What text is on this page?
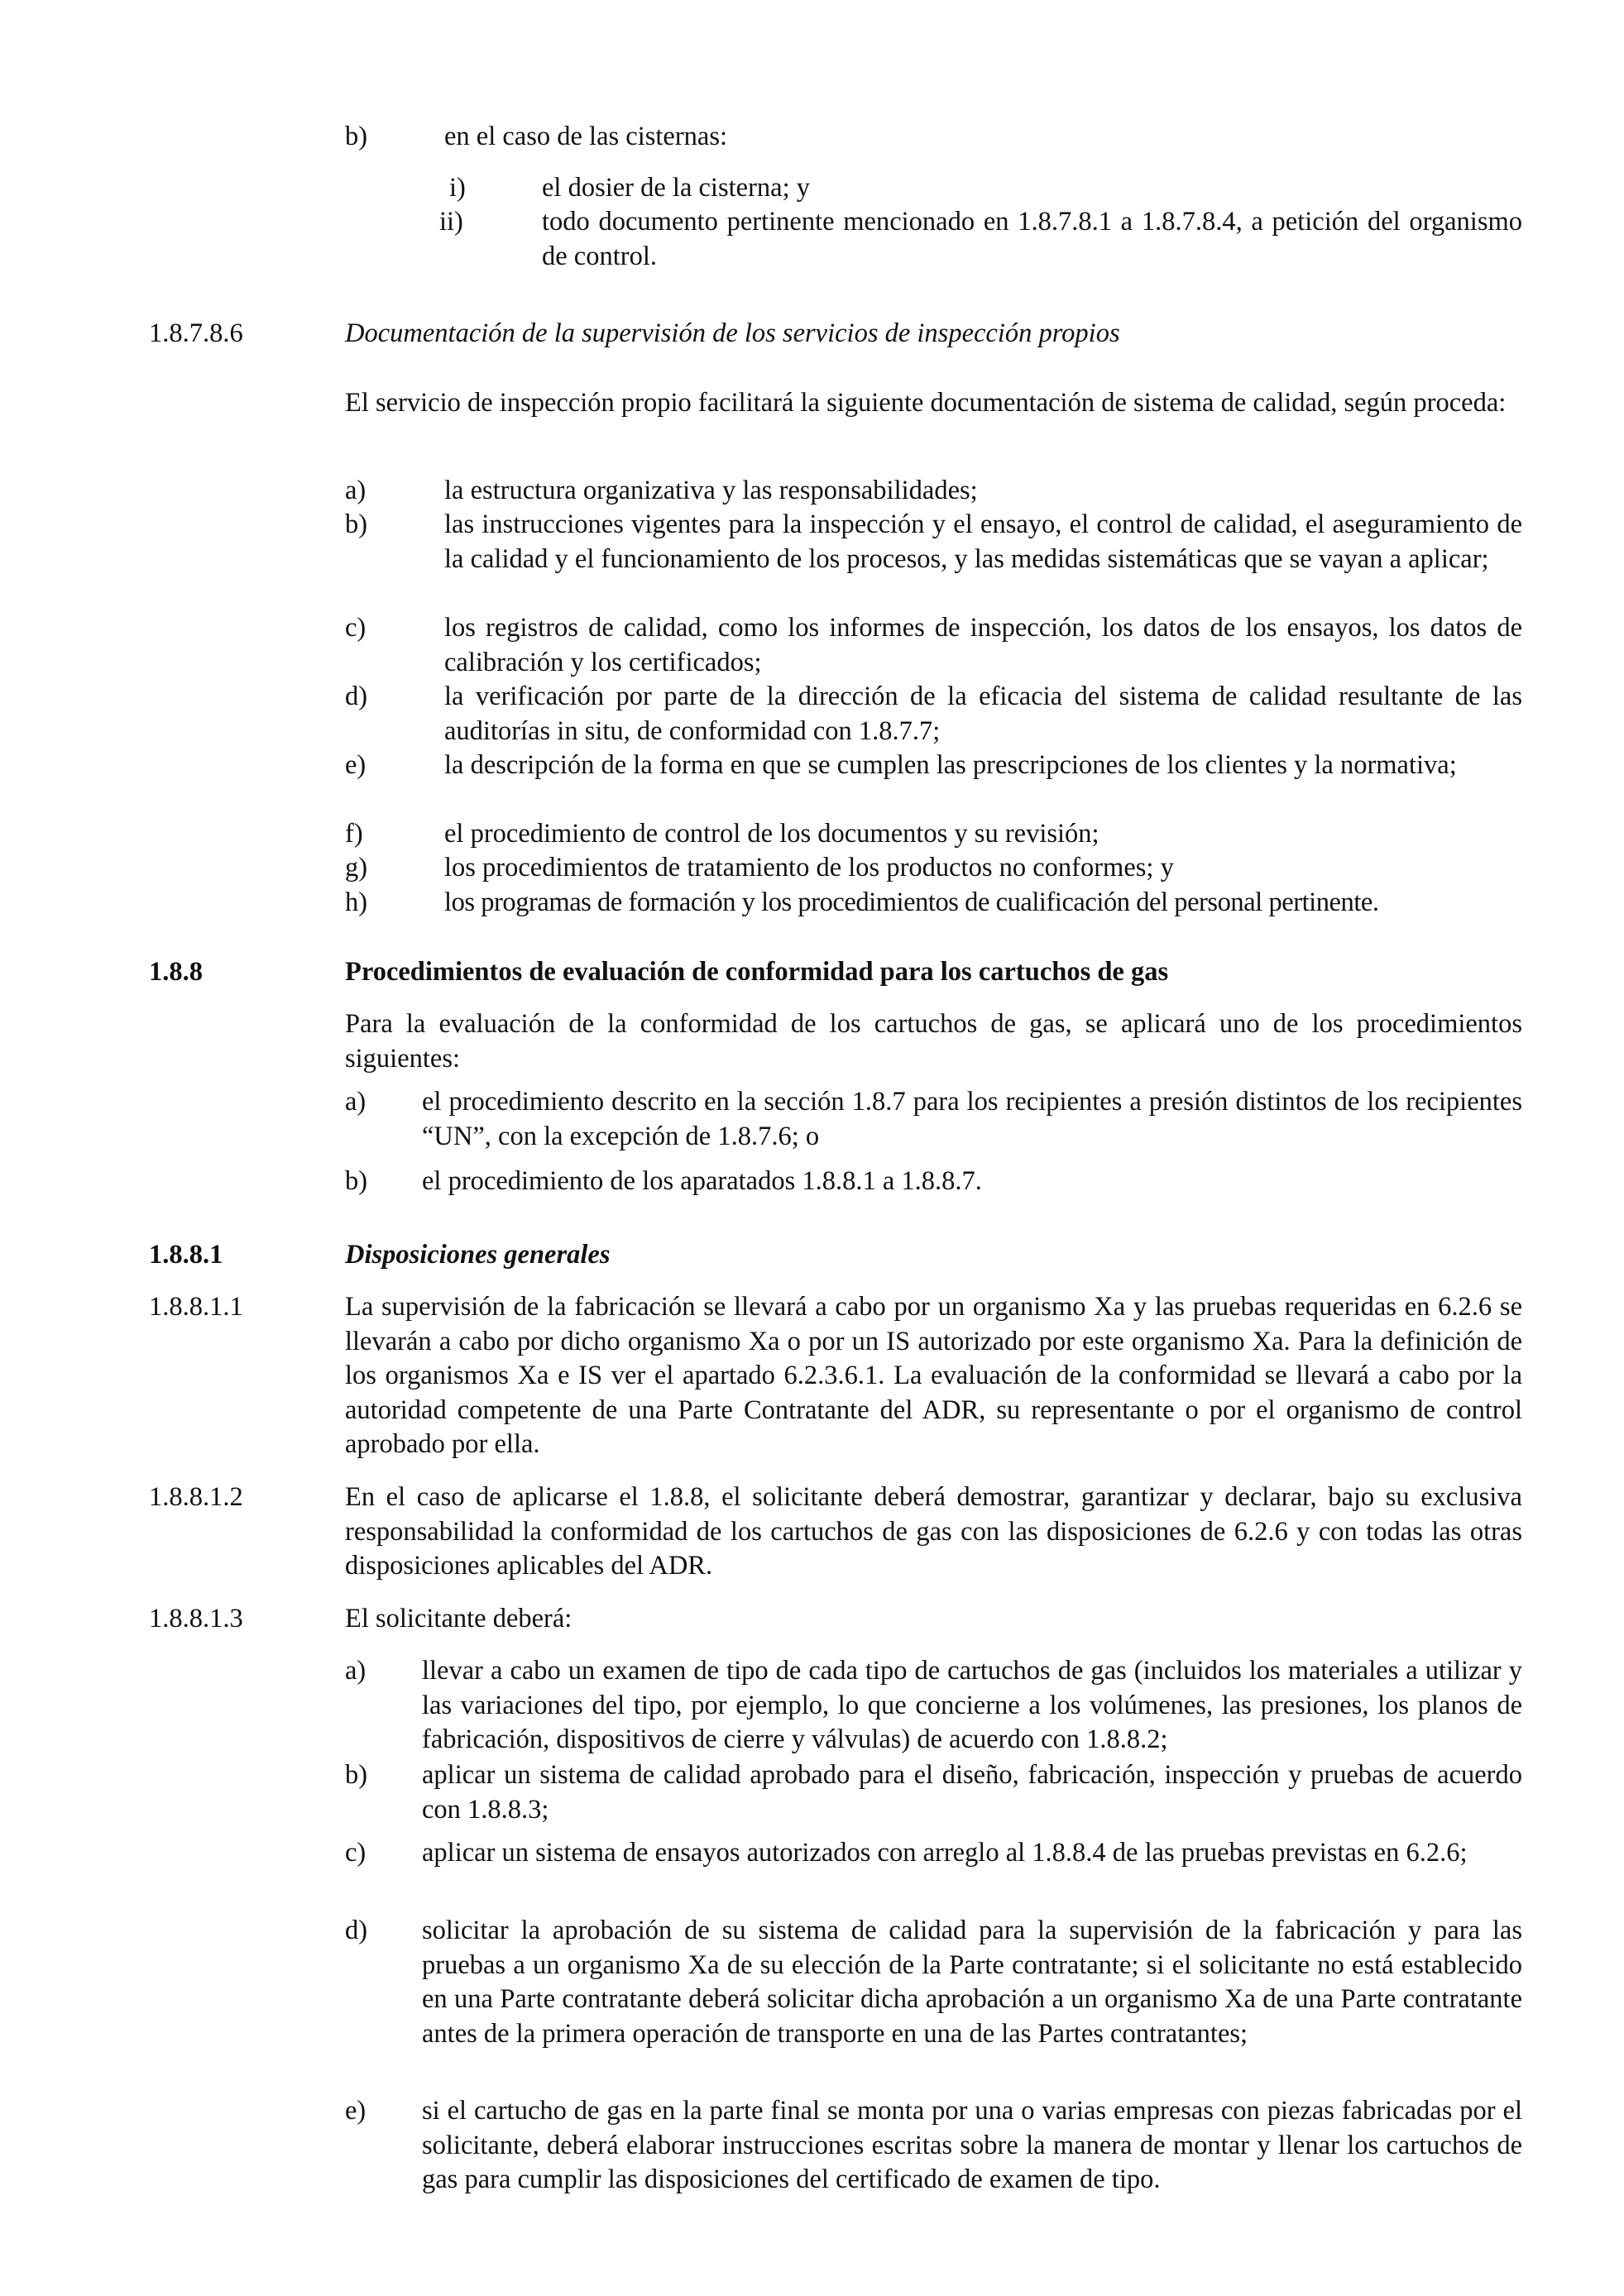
b)	en el caso de las cisternas:
i)	el dosier de la cisterna; y
ii)	todo documento pertinente mencionado en 1.8.7.8.1 a 1.8.7.8.4, a petición del organismo de control.

1.8.7.8.6	Documentación de la supervisión de los servicios de inspección propios

El servicio de inspección propio facilitará la siguiente documentación de sistema de calidad, según proceda:

a)	la estructura organizativa y las responsabilidades;

b)	las instrucciones vigentes para la inspección y el ensayo, el control de calidad, el aseguramiento de la calidad y el funcionamiento de los procesos, y las medidas sistemáticas que se vayan a aplicar;

c)	los registros de calidad, como los informes de inspección, los datos de los ensayos, los datos de calibración y los certificados;

d)	la verificación por parte de la dirección de la eficacia del sistema de calidad resultante de las auditorías in situ, de conformidad con 1.8.7.7;

e)	la descripción de la forma en que se cumplen las prescripciones de los clientes y la normativa;

f)	el procedimiento de control de los documentos y su revisión;

g)	los procedimientos de tratamiento de los productos no conformes; y

h)	los programas de formación y los procedimientos de cualificación del personal pertinente.

1.8.8	Procedimientos de evaluación de conformidad para los cartuchos de gas

Para la evaluación de la conformidad de los cartuchos de gas, se aplicará uno de los procedimientos siguientes:

a) el procedimiento descrito en la sección 1.8.7 para los recipientes a presión distintos de los recipientes “UN”, con la excepción de 1.8.7.6; o

b) el procedimiento de los aparatados 1.8.8.1 a 1.8.8.7.

1.8.8.1	Disposiciones generales
1.8.8.1.1	La supervisión de la fabricación se llevará a cabo por un organismo Xa y las pruebas requeridas en 6.2.6 se llevarán a cabo por dicho organismo Xa o por un IS autorizado por este organismo Xa. Para la definición de los organismos Xa e IS ver el apartado 6.2.3.6.1. La evaluación de la conformidad se llevará a cabo por la autoridad competente de una Parte Contratante del ADR, su representante o por el organismo de control aprobado por ella.

1.8.8.1.2	En el caso de aplicarse el 1.8.8, el solicitante deberá demostrar, garantizar y declarar, bajo su exclusiva responsabilidad la conformidad de los cartuchos de gas con las disposiciones de 6.2.6 y con todas las otras disposiciones aplicables del ADR.

1.8.8.1.3	El solicitante deberá:
a) llevar a cabo un examen de tipo de cada tipo de cartuchos de gas (incluidos los materiales a utilizar y las variaciones del tipo, por ejemplo, lo que concierne a los volúmenes, las presiones, los planos de fabricación, dispositivos de cierre y válvulas) de acuerdo con 1.8.8.2;

b) aplicar un sistema de calidad aprobado para el diseño, fabricación, inspección y pruebas de acuerdo con 1.8.8.3;

c) aplicar un sistema de ensayos autorizados con arreglo al 1.8.8.4 de las pruebas previstas en 6.2.6;

d) solicitar la aprobación de su sistema de calidad para la supervisión de la fabricación y para las pruebas a un organismo Xa de su elección de la Parte contratante; si el solicitante no está establecido en una Parte contratante deberá solicitar dicha aprobación a un organismo Xa de una Parte contratante antes de la primera operación de transporte en una de las Partes contratantes;

e) si el cartucho de gas en la parte final se monta por una o varias empresas con piezas fabricadas por el solicitante, deberá elaborar instrucciones escritas sobre la manera de montar y llenar los cartuchos de gas para cumplir las disposiciones del certificado de examen de tipo.
